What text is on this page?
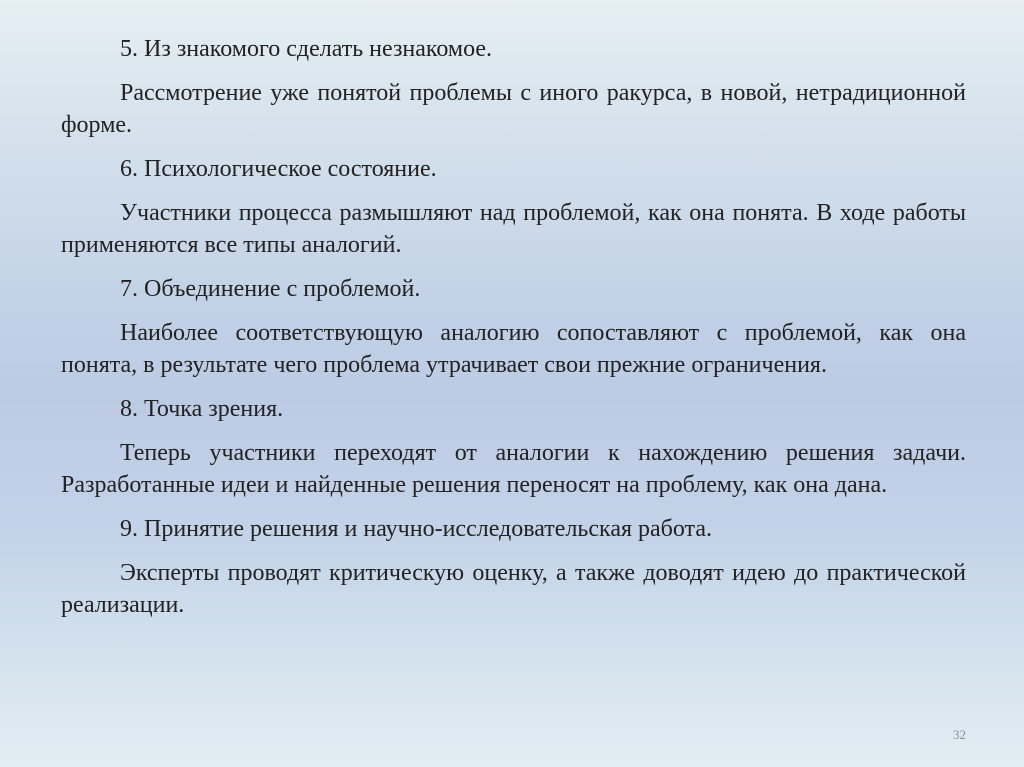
5. Из знакомого сделать незнакомое.

Рассмотрение уже понятой проблемы с иного ракурса, в новой, нетрадиционной форме.

6. Психологическое состояние.

Участники процесса размышляют над проблемой, как она понята. В ходе работы применяются все типы аналогий.

7. Объединение с проблемой.

Наиболее соответствующую аналогию сопоставляют с проблемой, как она понята, в результате чего проблема утрачивает свои прежние ограничения.

8. Точка зрения.

Теперь участники переходят от аналогии к нахождению решения задачи. Разработанные идеи и найденные решения переносят на проблему, как она дана.

9. Принятие решения и научно-исследовательская работа.

Эксперты проводят критическую оценку, а также доводят идею до практической реализации.

32
